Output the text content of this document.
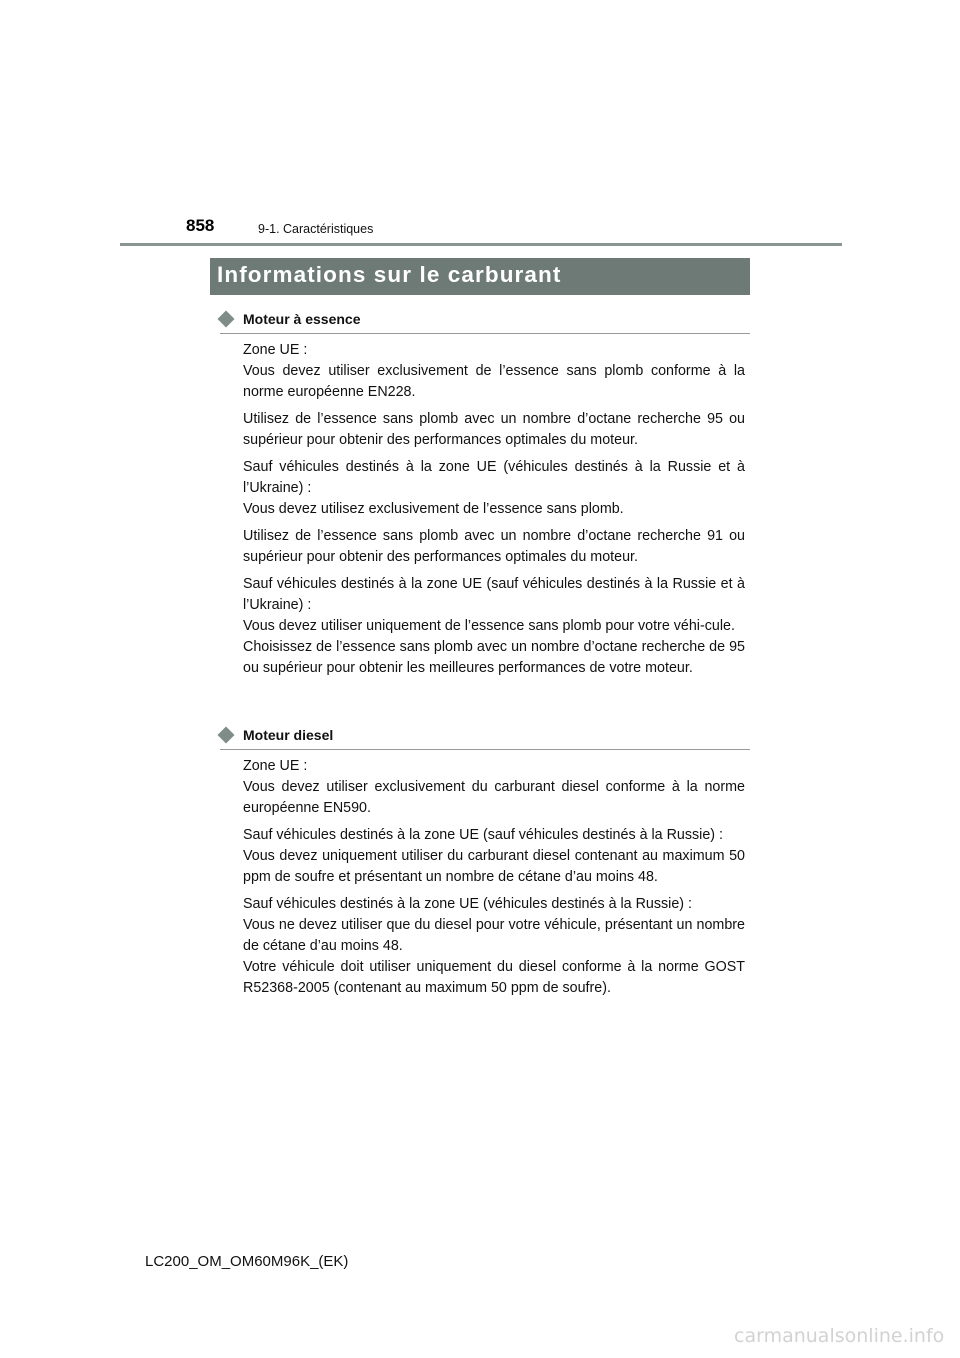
858	9-1. Caractéristiques
Informations sur le carburant
Moteur à essence

Zone UE :
Vous devez utiliser exclusivement de l’essence sans plomb conforme à la norme européenne EN228.

Utilisez de l’essence sans plomb avec un nombre d’octane recherche 95 ou supérieur pour obtenir des performances optimales du moteur.

Sauf véhicules destinés à la zone UE (véhicules destinés à la Russie et à l’Ukraine) :
Vous devez utilisez exclusivement de l’essence sans plomb.

Utilisez de l’essence sans plomb avec un nombre d’octane recherche 91 ou supérieur pour obtenir des performances optimales du moteur.

Sauf véhicules destinés à la zone UE (sauf véhicules destinés à la Russie et à l’Ukraine) :
Vous devez utiliser uniquement de l’essence sans plomb pour votre véhi-cule.
Choisissez de l’essence sans plomb avec un nombre d’octane recherche de 95 ou supérieur pour obtenir les meilleures performances de votre moteur.

Moteur diesel

Zone UE :
Vous devez utiliser exclusivement du carburant diesel conforme à la norme européenne EN590.

Sauf véhicules destinés à la zone UE (sauf véhicules destinés à la Russie) :
Vous devez uniquement utiliser du carburant diesel contenant au maximum 50 ppm de soufre et présentant un nombre de cétane d’au moins 48.

Sauf véhicules destinés à la zone UE (véhicules destinés à la Russie) :
Vous ne devez utiliser que du diesel pour votre véhicule, présentant un nombre de cétane d’au moins 48.
Votre véhicule doit utiliser uniquement du diesel conforme à la norme GOST R52368-2005 (contenant au maximum 50 ppm de soufre).

LC200_OM_OM60M96K_(EK)
carmanualsonline.info
